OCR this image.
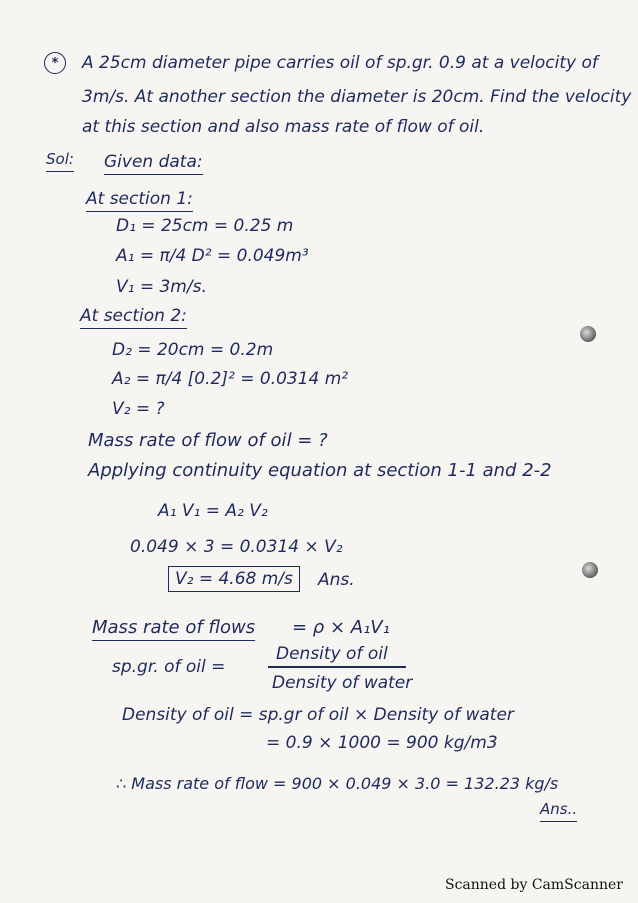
*	A 25cm diameter pipe carries oil of sp.gr. 0.9 at a velocity of
3m/s. At another section the diameter is 20cm. Find the velocity
at this section and also mass rate of flow of oil.
Sol: Given data:
At section 1:
D₁ = 25cm = 0.25 m
A₁ = π/4 D² = 0.049m³
V₁ = 3m/s.
At section 2:
D₂ = 20cm = 0.2m
A₂ = π/4 [0.2]² = 0.0314 m²
V₂ = ?
Mass rate of flow of oil = ?
Applying continuity equation at section 1-1 and 2-2
A₁ V₁ = A₂ V₂
0.049 × 3 = 0.0314 × V₂
V₂ = 4.68 m/s	Ans.
Mass rate of flows = ρ × A₁V₁
sp.gr. of oil =
Density of oil
Density of water
Density of oil = sp.gr of oil × Density of water
= 0.9 × 1000 = 900 kg/m3
∴ Mass rate of flow = 900 × 0.049 × 3.0 = 132.23 kg/s
Ans..
Scanned by CamScanner
